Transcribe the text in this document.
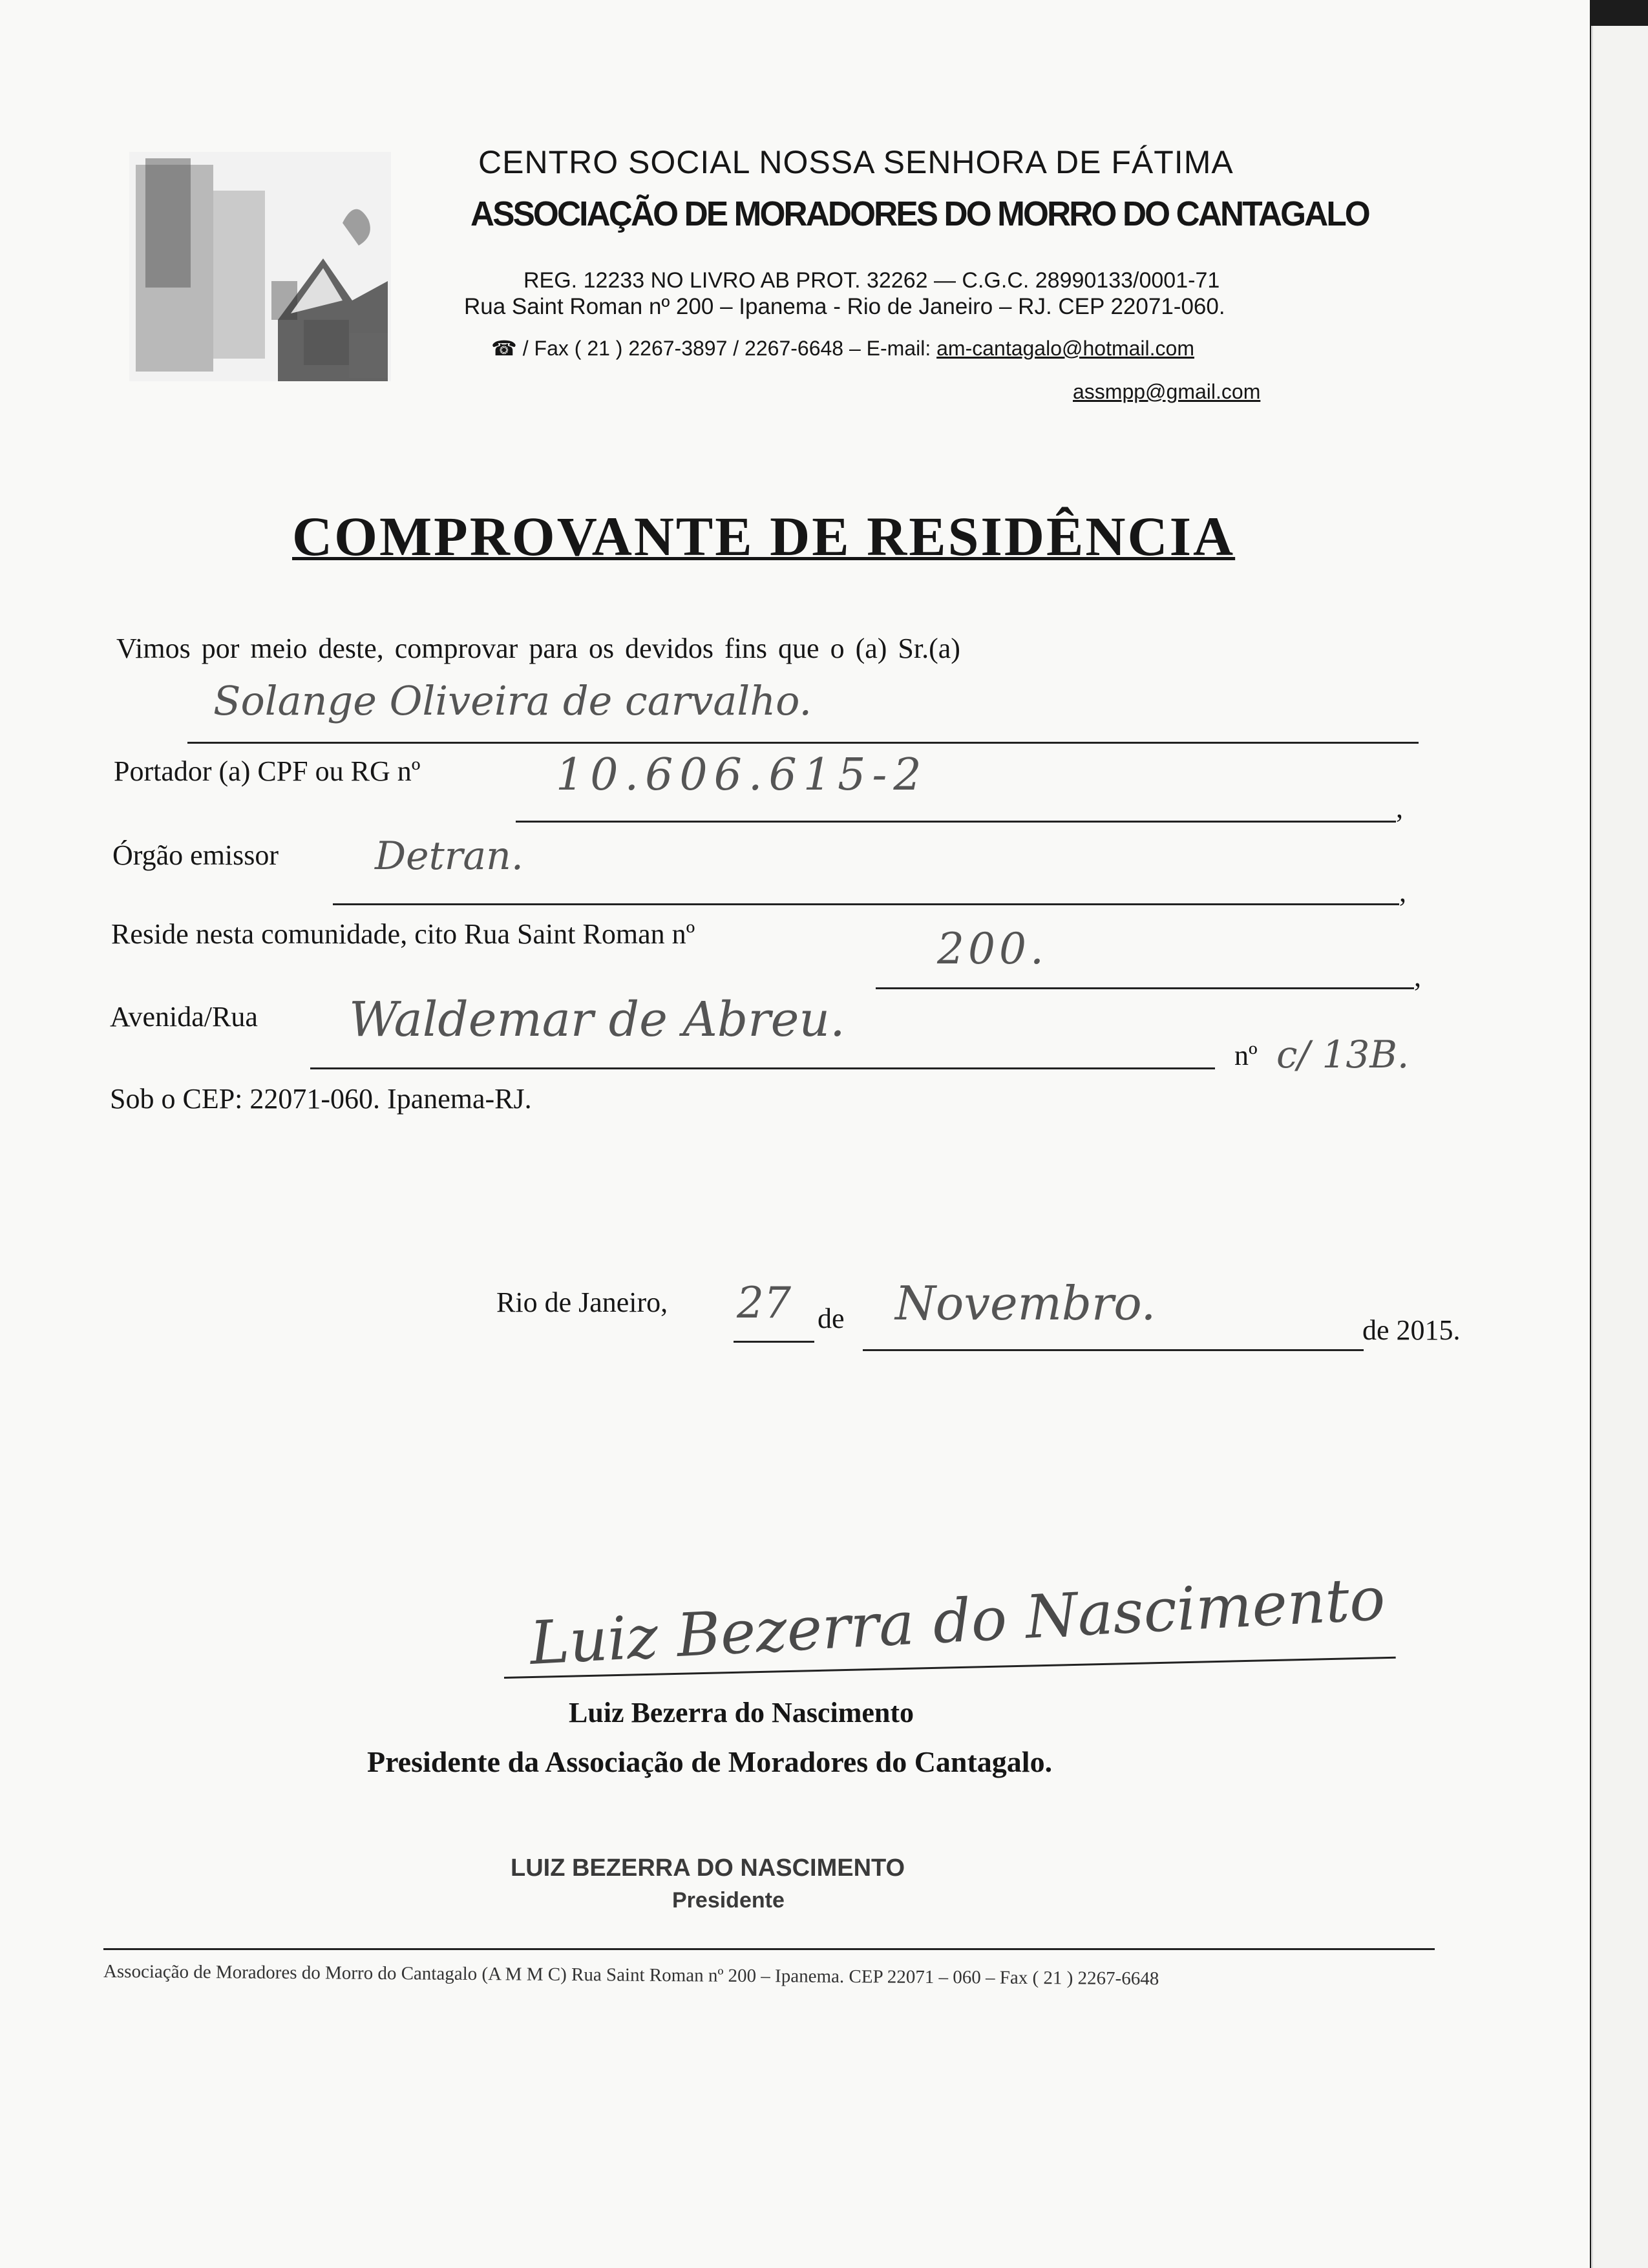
CENTRO SOCIAL NOSSA SENHORA DE FÁTIMA
ASSOCIAÇÃO DE MORADORES DO MORRO DO CANTAGALO
REG. 12233 NO LIVRO AB PROT. 32262 — C.G.C. 28990133/0001-71
Rua Saint Roman nº 200 – Ipanema - Rio de Janeiro – RJ. CEP 22071-060.
☎ / Fax ( 21 ) 2267-3897 / 2267-6648 – E-mail: am-cantagalo@hotmail.com
assmpp@gmail.com
COMPROVANTE DE RESIDÊNCIA
Vimos por meio deste, comprovar para os devidos fins que o (a) Sr.(a)
Solange Oliveira de carvalho.
Portador (a) CPF ou RG nº	10.606.615-2
,
Órgão emissor Detran.
,
Reside nesta comunidade, cito Rua Saint Roman nº	200.
,
Avenida/Rua Waldemar de Abreu.
nº c/ 13B.
Sob o CEP: 22071-060. Ipanema-RJ.
Rio de Janeiro, 27 de Novembro.	de 2015.
Luiz Bezerra do Nascimento
Luiz Bezerra do Nascimento
Presidente da Associação de Moradores do Cantagalo.
LUIZ BEZERRA DO NASCIMENTO
Presidente
Associação de Moradores do Morro do Cantagalo (A M M C) Rua Saint Roman nº 200 – Ipanema. CEP 22071 – 060 – Fax ( 21 ) 2267-6648
